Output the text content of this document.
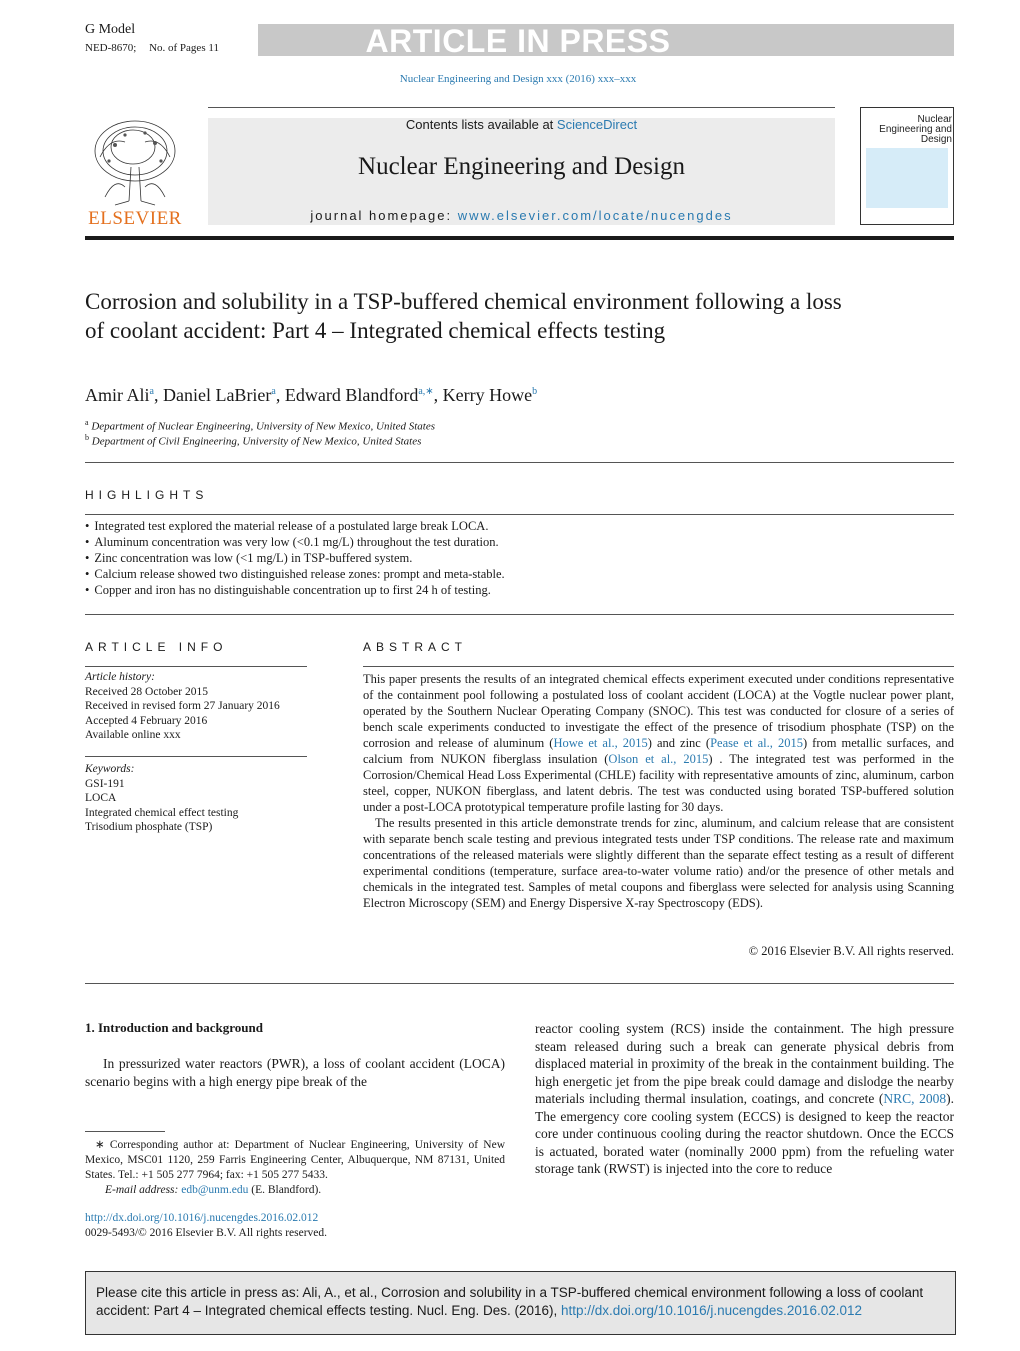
G Model
NED-8670; No. of Pages 11	ARTICLE IN PRESS
Nuclear Engineering and Design xxx (2016) xxx–xxx
ELSEVIER
Contents lists available at ScienceDirect
Nuclear Engineering and Design
journal homepage: www.elsevier.com/locate/nucengdes
Nuclear Engineering and Design
Corrosion and solubility in a TSP-buffered chemical environment following a loss of coolant accident: Part 4 – Integrated chemical effects testing
Amir Ali$^a$, Daniel LaBrier$^a$, Edward Blandford$^{a,∗}$, Kerry Howe$^b$
$^a$ Department of Nuclear Engineering, University of New Mexico, United States
$^b$ Department of Civil Engineering, University of New Mexico, United States
HIGHLIGHTS
• Integrated test explored the material release of a postulated large break LOCA.
• Aluminum concentration was very low (<0.1 mg/L) throughout the test duration.
• Zinc concentration was low (<1 mg/L) in TSP-buffered system.
• Calcium release showed two distinguished release zones: prompt and meta-stable.
• Copper and iron has no distinguishable concentration up to first 24 h of testing.
ARTICLE INFO
Article history:
Received 28 October 2015
Received in revised form 27 January 2016
Accepted 4 February 2016
Available online xxx
Keywords:
GSI-191
LOCA
Integrated chemical effect testing
Trisodium phosphate (TSP)
ABSTRACT

This paper presents the results of an integrated chemical effects experiment executed under conditions representative of the containment pool following a postulated loss of coolant accident (LOCA) at the Vogtle nuclear power plant, operated by the Southern Nuclear Operating Company (SNOC). This test was conducted for closure of a series of bench scale experiments conducted to investigate the effect of the presence of trisodium phosphate (TSP) on the corrosion and release of aluminum (Howe et al., 2015) and zinc (Pease et al., 2015) from metallic surfaces, and calcium from NUKON fiberglass insulation (Olson et al., 2015) . The integrated test was performed in the Corrosion/Chemical Head Loss Experimental (CHLE) facility with representative amounts of zinc, aluminum, carbon steel, copper, NUKON fiberglass, and latent debris. The test was conducted using borated TSP-buffered solution under a post-LOCA prototypical temperature profile lasting for 30 days.

The results presented in this article demonstrate trends for zinc, aluminum, and calcium release that are consistent with separate bench scale testing and previous integrated tests under TSP conditions. The release rate and maximum concentrations of the released materials were slightly different than the separate effect testing as a result of different experimental conditions (temperature, surface area-to-water volume ratio) and/or the presence of other metals and chemicals in the integrated test. Samples of metal coupons and fiberglass were selected for analysis using Scanning Electron Microscopy (SEM) and Energy Dispersive X-ray Spectroscopy (EDS).

© 2016 Elsevier B.V. All rights reserved.
1. Introduction and background
In pressurized water reactors (PWR), a loss of coolant accident (LOCA) scenario begins with a high energy pipe break of the
reactor cooling system (RCS) inside the containment. The high pressure steam released during such a break can generate physical debris from displaced material in proximity of the break in the containment building. The high energetic jet from the pipe break could damage and dislodge the nearby materials including thermal insulation, coatings, and concrete (NRC, 2008). The emergency core cooling system (ECCS) is designed to keep the reactor core under continuous cooling during the reactor shutdown. Once the ECCS is actuated, borated water (nominally 2000 ppm) from the refueling water storage tank (RWST) is injected into the core to reduce
∗ Corresponding author at: Department of Nuclear Engineering, University of New Mexico, MSC01 1120, 259 Farris Engineering Center, Albuquerque, NM 87131, United States. Tel.: +1 505 277 7964; fax: +1 505 277 5433.
E-mail address: edb@unm.edu (E. Blandford).
http://dx.doi.org/10.1016/j.nucengdes.2016.02.012
0029-5493/© 2016 Elsevier B.V. All rights reserved.
Please cite this article in press as: Ali, A., et al., Corrosion and solubility in a TSP-buffered chemical environment following a loss of coolant accident: Part 4 – Integrated chemical effects testing. Nucl. Eng. Des. (2016), http://dx.doi.org/10.1016/j.nucengdes.2016.02.012
